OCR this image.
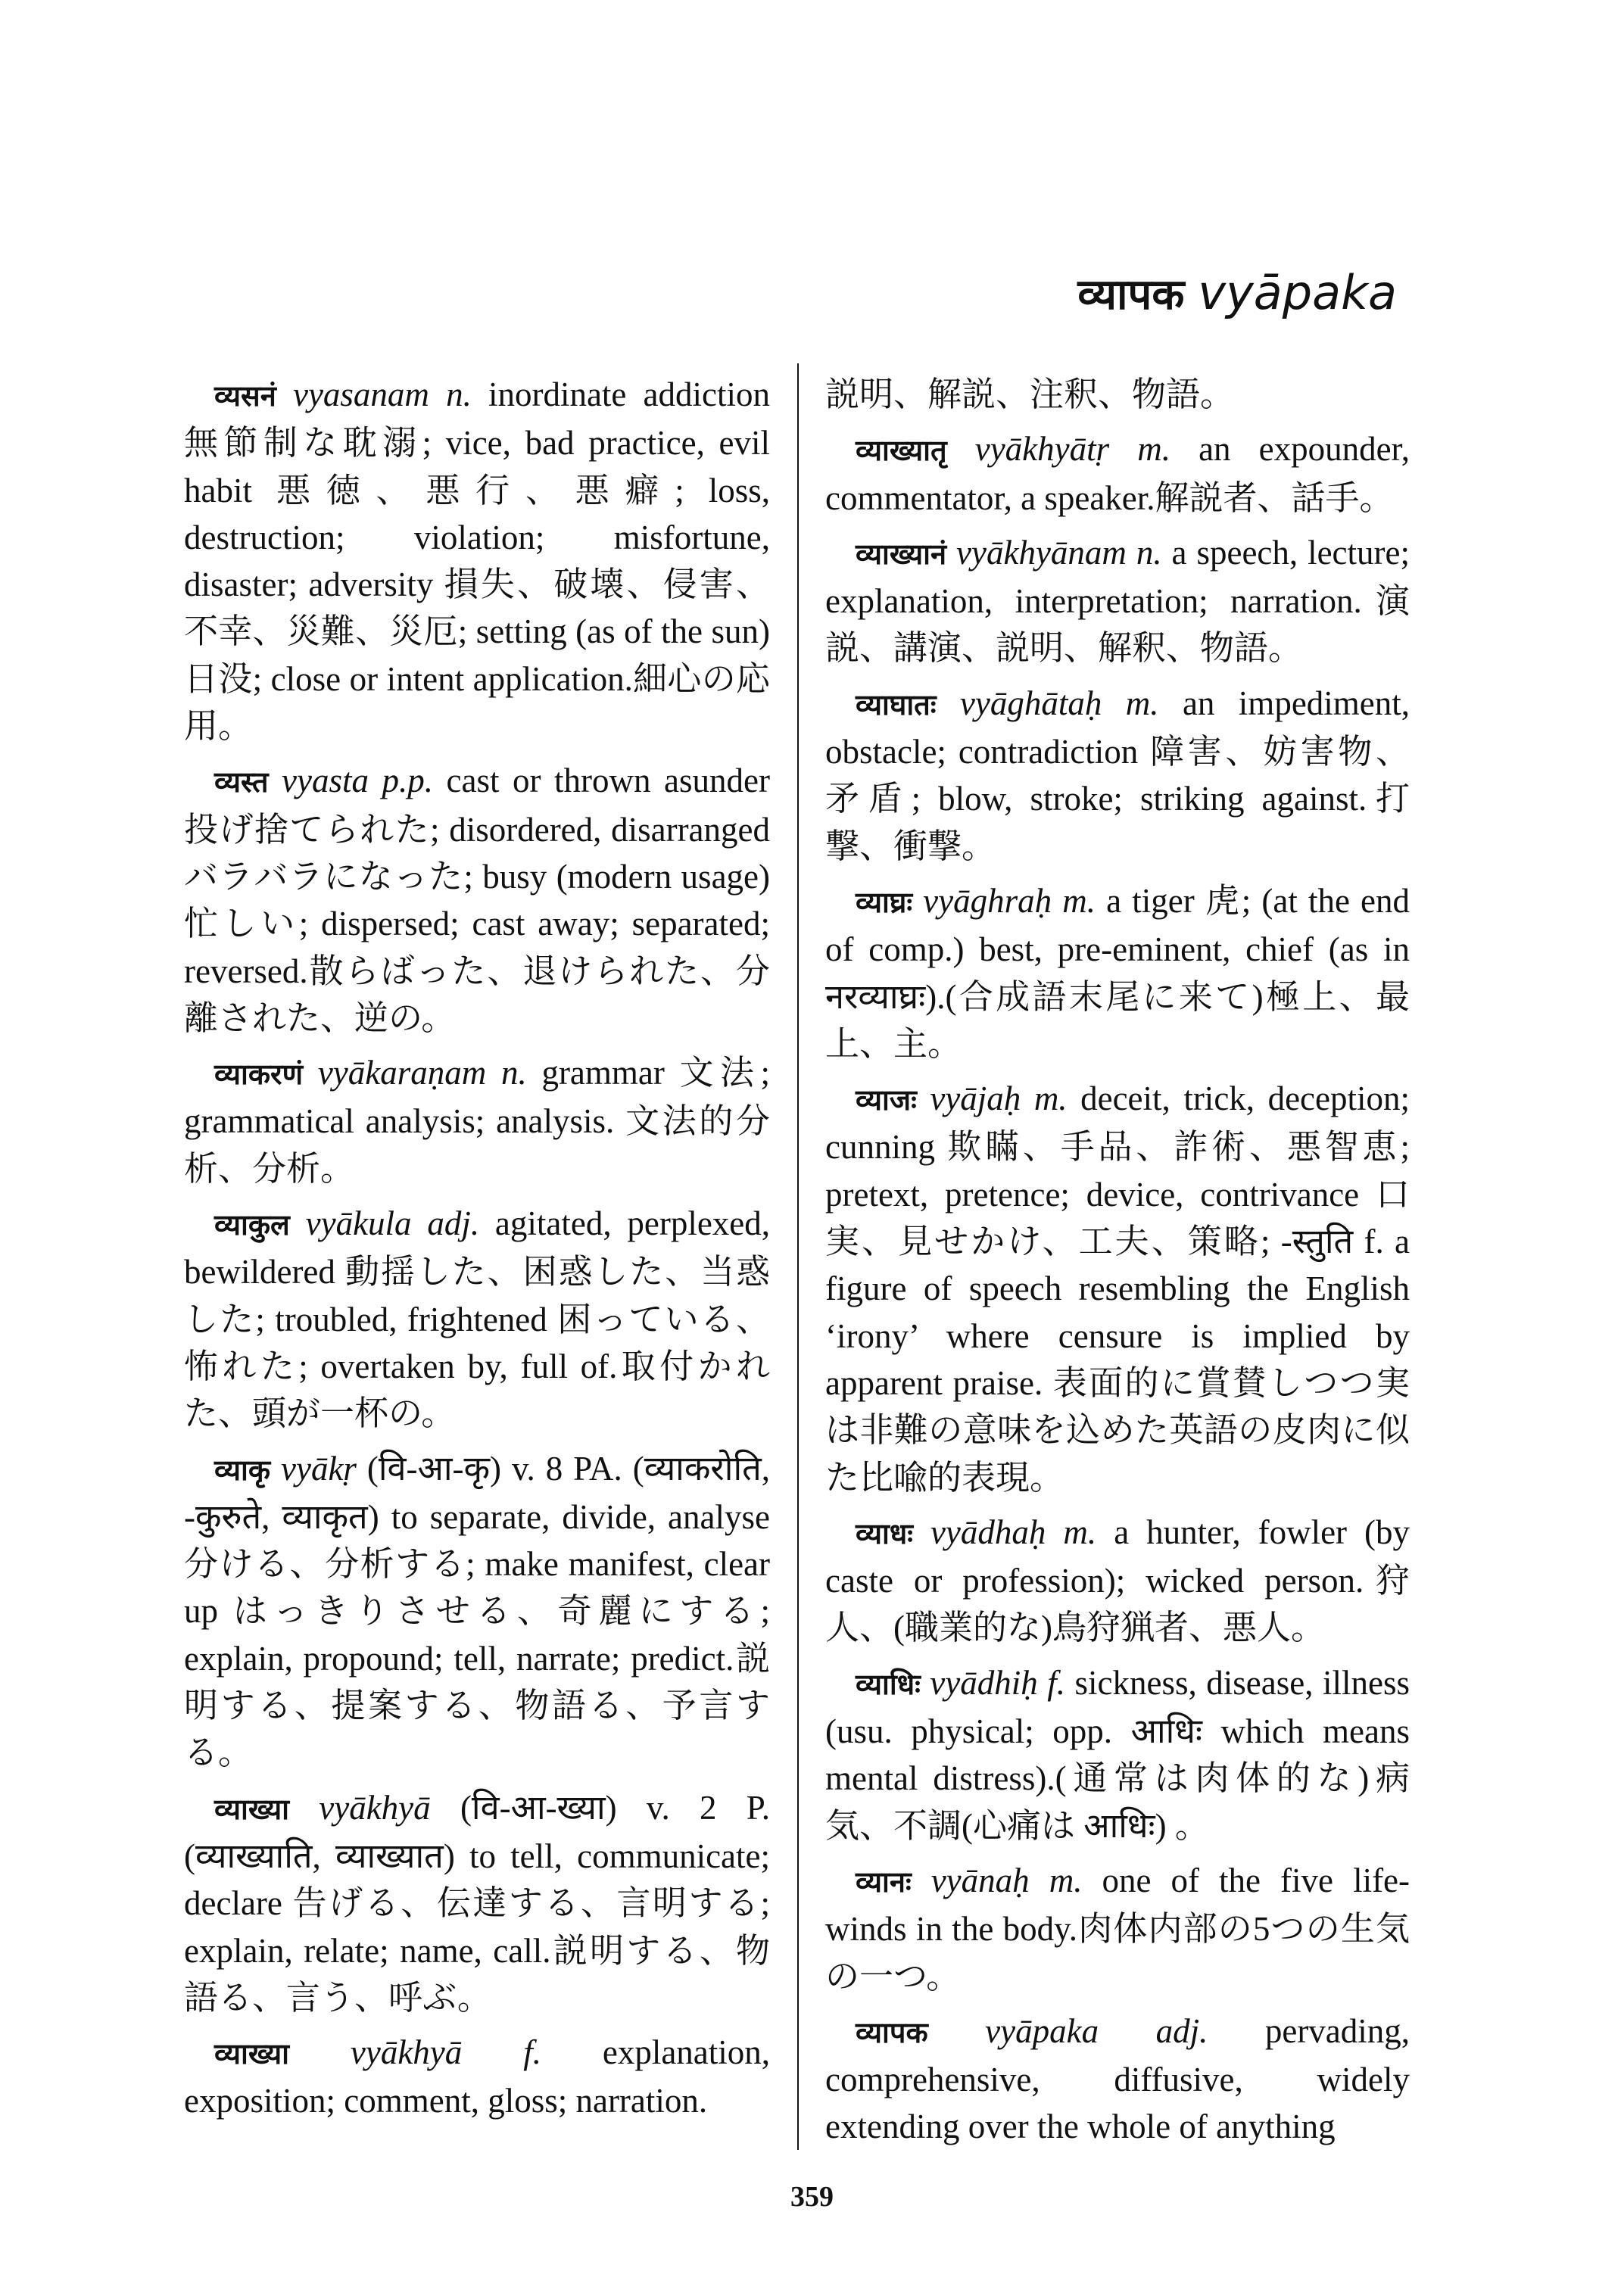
व्यापक vyāpaka
व्यसनं vyasanam n. inordinate addiction 無節制な耽溺; vice, bad practice, evil habit 悪徳、悪行、悪癖; loss, destruction; violation; misfortune, disaster; adversity 損失、破壊、侵害、不幸、災難、災厄; setting (as of the sun) 日没; close or intent application.細心の応用。
व्यस्त vyasta p.p. cast or thrown asunder 投げ捨てられた; disordered, disarranged バラバラになった; busy (modern usage) 忙しい; dispersed; cast away; separated; reversed.散らばった、退けられた、分離された、逆の。
व्याकरणं vyākaraṇam n. grammar 文法; grammatical analysis; analysis. 文法的分析、分析。
व्याकुल vyākula adj. agitated, perplexed, bewildered 動揺した、困惑した、当惑した; troubled, frightened 困っている、怖れた; overtaken by, full of.取付かれた、頭が一杯の。
व्याकृ vyākṛ (वि-आ-कृ) v. 8 PA. (व्याकरोति, -कुरुते, व्याकृत) to separate, divide, analyse 分ける、分析する; make manifest, clear up はっきりさせる、奇麗にする; explain, propound; tell, narrate; predict.説明する、提案する、物語る、予言する。
व्याख्या vyākhyā (वि-आ-ख्या) v. 2 P. (व्याख्याति, व्याख्यात) to tell, communicate; declare 告げる、伝達する、言明する; explain, relate; name, call.説明する、物語る、言う、呼ぶ。
व्याख्या vyākhyā f. explanation, exposition; comment, gloss; narration.
説明、解説、注釈、物語。
व्याख्यातृ vyākhyātṛ m. an expounder, commentator, a speaker.解説者、話手。
व्याख्यानं vyākhyānam n. a speech, lecture; explanation, interpretation; narration.演説、講演、説明、解釈、物語。
व्याघातः vyāghātaḥ m. an impediment, obstacle; contradiction 障害、妨害物、矛盾; blow, stroke; striking against.打撃、衝撃。
व्याघ्रः vyāghraḥ m. a tiger 虎; (at the end of comp.) best, pre-eminent, chief (as in नरव्याघ्रः).(合成語末尾に来て)極上、最上、主。
व्याजः vyājaḥ m. deceit, trick, deception; cunning 欺瞞、手品、詐術、悪智恵; pretext, pretence; device, contrivance 口実、見せかけ、工夫、策略; -स्तुति f. a figure of speech resembling the English ‘irony’ where censure is implied by apparent praise. 表面的に賞賛しつつ実は非難の意味を込めた英語の皮肉に似た比喩的表現。
व्याधः vyādhaḥ m. a hunter, fowler (by caste or profession); wicked person.狩人、(職業的な)鳥狩猟者、悪人。
व्याधिः vyādhiḥ f. sickness, disease, illness (usu. physical; opp. आधिः which means mental distress).(通常は肉体的な)病気、不調(心痛は आधिः) 。
व्यानः vyānaḥ m. one of the five life-winds in the body.肉体内部の5つの生気の一つ。
व्यापक vyāpaka adj. pervading, comprehensive, diffusive, widely extending over the whole of anything
359
